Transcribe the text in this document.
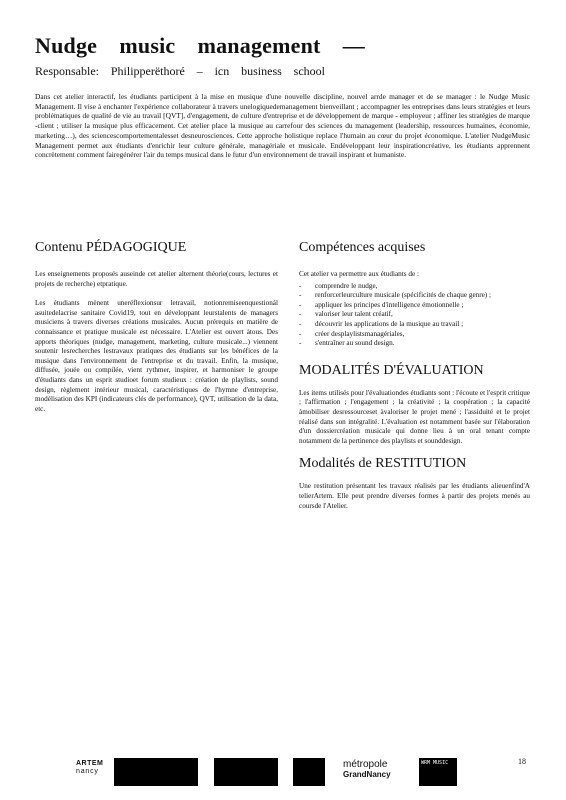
Nudge music management —
Responsable: Philipperëthoré – icn business school
Dans cet atelier interactif, les étudiants participent à la mise en musique d'une nouvelle discipline, nouvel arrde manager et de se manager : le Nudge Music Management. Il vise à enchanter l'expérience collaborateur à travers unelogiquedemanagement bienveillant ; accompagner les entreprises dans leurs stratégies et leurs problématiques de qualité de vie au travail [QVT], d'engagement, de culture d'entreprise et de développement de marque - employeur ; affiner les stratégies de marque -client ; utiliser la musique plus efficacement. Cet atelier place la musique au carrefour des sciences du management (leadership, ressources humaines, économie, marketing…), des sciencescomportementalesset desneurosciences. Cette approche holistique replace l'humain au cœur du projet économique. L'atelier NudgeMusic Management permet aux étudiants d'enrichir leur culture générale, managériale et musicale. Endéveloppant leur inspirationcréative, les étudiants apprennent concrètement comment fairegénérer l'air du temps musical dans le futur d'un environnement de travail inspirant et humaniste.
Contenu PÉDAGOGIQUE

Les enseignements proposés auseinde cet atelier alternent théorie(cours, lectures et projets de recherche) etpratique.

Les étudiants mènent uneréflexionsur letravail, notionremiseenquestionál asuitedelacrise sanitaire Covid19, tout en développant leurstalents de managers musiciens à travers diverses créations musicales. Aucun prérequis en matière de connaissance et pratique musicale est nécessaire. L'Atelier est ouvert àtous. Des apports théoriques (nudge, management, marketing, culture musicale...) viennent soutenir lesrecherches lestravaux pratiques des étudiants sur les bénéfices de la musique dans l'environnement de l'entreprise et du travail. Enfin, la musique, diffusée, jouée ou compilée, vient rythmer, inspirer, et harmoniser le groupe d'étudiants dans un esprit studioet forum studieux : création de playlists, sound design, règlement intérieur musical, caractéristiques de l'hymne d'entreprise, modélisation des KPI (indicateurs clés de performance), QVT, utilisation de la data, etc.

Compétences acquises

Cet atelier va permettre aux étudiants de :

- comprendre le nudge,
- renforcerleurculture musicale (spécificités de chaque genre) ;
- appliquer les principes d'intelligence émotionnelle ;
- valoriser leur talent créatif,
- découvrir les applications de la musique au travail ;
- créer desplaylistsmanagériales,
- s'entraîner au sound design.
MODALITÉS D'ÉVALUATION

Les items utilisés pour l'évaluationdes étudiants sont : l'écoute et l'esprit critique ; l'affirmation ; l'engagement ; la créativité ; la coopération ; la capacité àmobiliser desressourceset àvaloriser le projet mené ; l'assiduité et le projet réalisé dans son intégralité. L'évaluation est notamment basée sur l'élaboration d'un dossiercréation musicale qui donne lieu à un oral tenant compte notamment de la pertinence des playlists et sounddesign.

Modalités de RESTITUTION

Une restitution présentant les travaux réalisés par les étudiants alieuenfind'A telierArtem. Elle peut prendre diverses formes à partir des projets menés au coursde l'Atelier.

ARTEM
nancy
métropole
GrandNancy
WRM MUSIC	18
